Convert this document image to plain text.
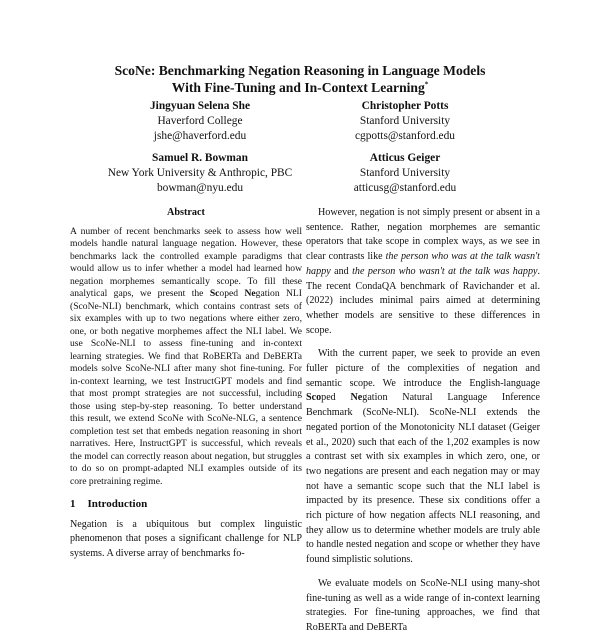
ScoNe: Benchmarking Negation Reasoning in Language Models
With Fine-Tuning and In-Context Learning*
Jingyuan Selena She
Haverford College
jshe@haverford.edu
Christopher Potts
Stanford University
cgpotts@stanford.edu
Samuel R. Bowman
New York University & Anthropic, PBC
bowman@nyu.edu
Atticus Geiger
Stanford University
atticusg@stanford.edu
Abstract

A number of recent benchmarks seek to assess how well models handle natural language negation. However, these benchmarks lack the controlled example paradigms that would allow us to infer whether a model had learned how negation morphemes semantically scope. To fill these analytical gaps, we present the Scoped Negation NLI (ScoNe-NLI) benchmark, which contains contrast sets of six examples with up to two negations where either zero, one, or both negative morphemes affect the NLI label. We use ScoNe-NLI to assess fine-tuning and in-context learning strategies. We find that RoBERTa and DeBERTa models solve ScoNe-NLI after many shot fine-tuning. For in-context learning, we test InstructGPT models and find that most prompt strategies are not successful, including those using step-by-step reasoning. To better understand this result, we extend ScoNe with ScoNe-NLG, a sentence completion test set that embeds negation reasoning in short narratives. Here, InstructGPT is successful, which reveals the model can correctly reason about negation, but struggles to do so on prompt-adapted NLI examples outside of its core pretraining regime.

1 Introduction

Negation is a ubiquitous but complex linguistic phenomenon that poses a significant challenge for NLP systems. A diverse array of benchmarks fo-

However, negation is not simply present or absent in a sentence. Rather, negation morphemes are semantic operators that take scope in complex ways, as we see in clear contrasts like the person who was at the talk wasn't happy and the person who wasn't at the talk was happy. The recent CondaQA benchmark of Ravichander et al. (2022) includes minimal pairs aimed at determining whether models are sensitive to these differences in scope.

With the current paper, we seek to provide an even fuller picture of the complexities of negation and semantic scope. We introduce the English-language Scoped Negation Natural Language Inference Benchmark (ScoNe-NLI). ScoNe-NLI extends the negated portion of the Monotonicity NLI dataset (Geiger et al., 2020) such that each of the 1,202 examples is now a contrast set with six examples in which zero, one, or two negations are present and each negation may or may not have a semantic scope such that the NLI label is impacted by its presence. These six conditions offer a rich picture of how negation affects NLI reasoning, and they allow us to determine whether models are truly able to handle nested negation and scope or whether they have found simplistic solutions.

We evaluate models on ScoNe-NLI using many-shot fine-tuning as well as a wide range of in-context learning strategies. For fine-tuning approaches, we find that RoBERTa and DeBERTa
